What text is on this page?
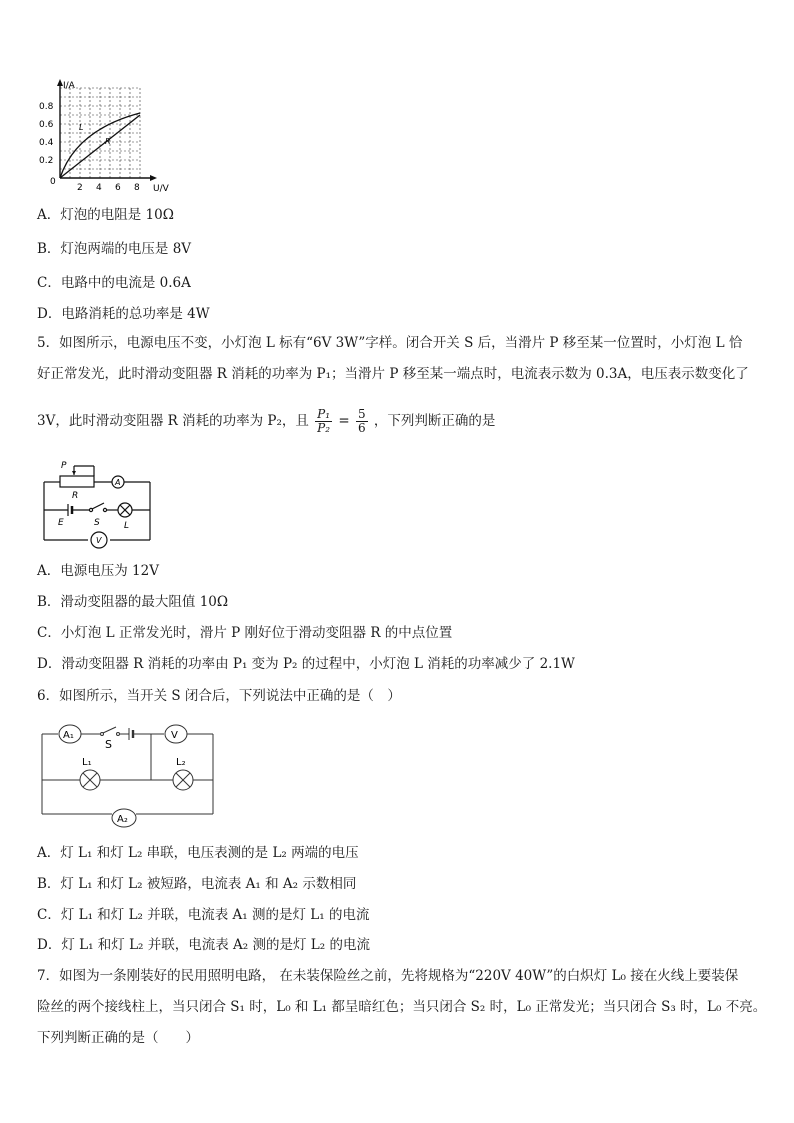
I/A
U/V
0.8
0.6
0.4
0.2
0
2 4 6 8
L
R
A．灯泡的电阻是 10Ω
B．灯泡两端的电压是 8V
C．电路中的电流是 0.6A
D．电路消耗的总功率是 4W
5．如图所示，电源电压不变，小灯泡 L 标有“6V 3W”字样。闭合开关 S 后，当滑片 P 移至某一位置时，小灯泡 L 恰
好正常发光，此时滑动变阻器 R 消耗的功率为 P₁；当滑片 P 移至某一端点时，电流表示数为 0.3A，电压表示数变化了
3V，此时滑动变阻器 R 消耗的功率为 P₂，且 $\frac{\text{P₁}}{\text{P₂}} = \frac{5}{6}$ ，下列判断正确的是
P
R
A
E	S	L
V
A．电源电压为 12V
B．滑动变阻器的最大阻值 10Ω
C．小灯泡 L 正常发光时，滑片 P 刚好位于滑动变阻器 R 的中点位置
D．滑动变阻器 R 消耗的功率由 P₁ 变为 P₂ 的过程中，小灯泡 L 消耗的功率减少了 2.1W
6．如图所示，当开关 S 闭合后，下列说法中正确的是（　）
A₁
S
V
L₁	L₂
A₂
A．灯 L₁ 和灯 L₂ 串联，电压表测的是 L₂ 两端的电压
B．灯 L₁ 和灯 L₂ 被短路，电流表 A₁ 和 A₂ 示数相同
C．灯 L₁ 和灯 L₂ 并联，电流表 A₁ 测的是灯 L₁ 的电流
D．灯 L₁ 和灯 L₂ 并联，电流表 A₂ 测的是灯 L₂ 的电流
7．如图为一条刚装好的民用照明电路， 在未装保险丝之前，先将规格为“220V 40W”的白炽灯 L₀ 接在火线上要装保
险丝的两个接线柱上，当只闭合 S₁ 时，L₀ 和 L₁ 都呈暗红色；当只闭合 S₂ 时，L₀ 正常发光；当只闭合 S₃ 时，L₀ 不亮。
下列判断正确的是（　　）
